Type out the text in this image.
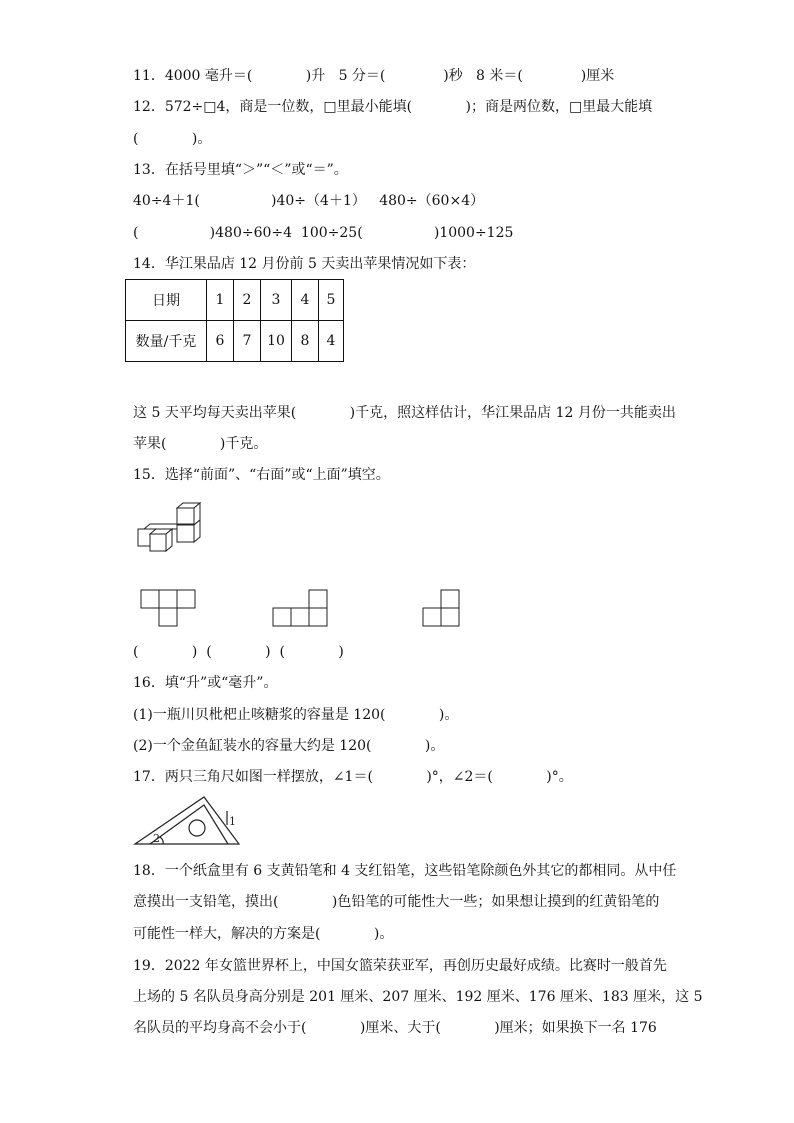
11．4000 毫升＝(            )升   5 分＝(             )秒   8 米＝(             )厘米
12．572÷□4，商是一位数，□里最小能填(            )；商是两位数，□里最大能填
(            )。
13．在括号里填“＞”“＜”或“＝”。
40÷4＋1(                )40÷（4＋1）   480÷（60×4）
(                )480÷60÷4  100÷25(                )1000÷125
14．华江果品店 12 月份前 5 天卖出苹果情况如下表：
日期	1	2	3	4	5
数量/千克	6	7	10	8	4
这 5 天平均每天卖出苹果(            )千克，照这样估计，华江果品店 12 月份一共能卖出
苹果(            )千克。
15．选择“前面”、“右面”或“上面”填空。
(            )  (            )  (            )
16．填“升”或“毫升”。
(1)一瓶川贝枇杷止咳糖浆的容量是 120(            )。
(2)一个金鱼缸装水的容量大约是 120(            )。
17．两只三角尺如图一样摆放，∠1＝(            )°，∠2＝(            )°。
1
2
18．一个纸盒里有 6 支黄铅笔和 4 支红铅笔，这些铅笔除颜色外其它的都相同。从中任
意摸出一支铅笔，摸出(            )色铅笔的可能性大一些；如果想让摸到的红黄铅笔的
可能性一样大，解决的方案是(            )。
19．2022 年女篮世界杯上，中国女篮荣获亚军，再创历史最好成绩。比赛时一般首先
上场的 5 名队员身高分别是 201 厘米、207 厘米、192 厘米、176 厘米、183 厘米，这 5
名队员的平均身高不会小于(            )厘米、大于(            )厘米；如果换下一名 176
